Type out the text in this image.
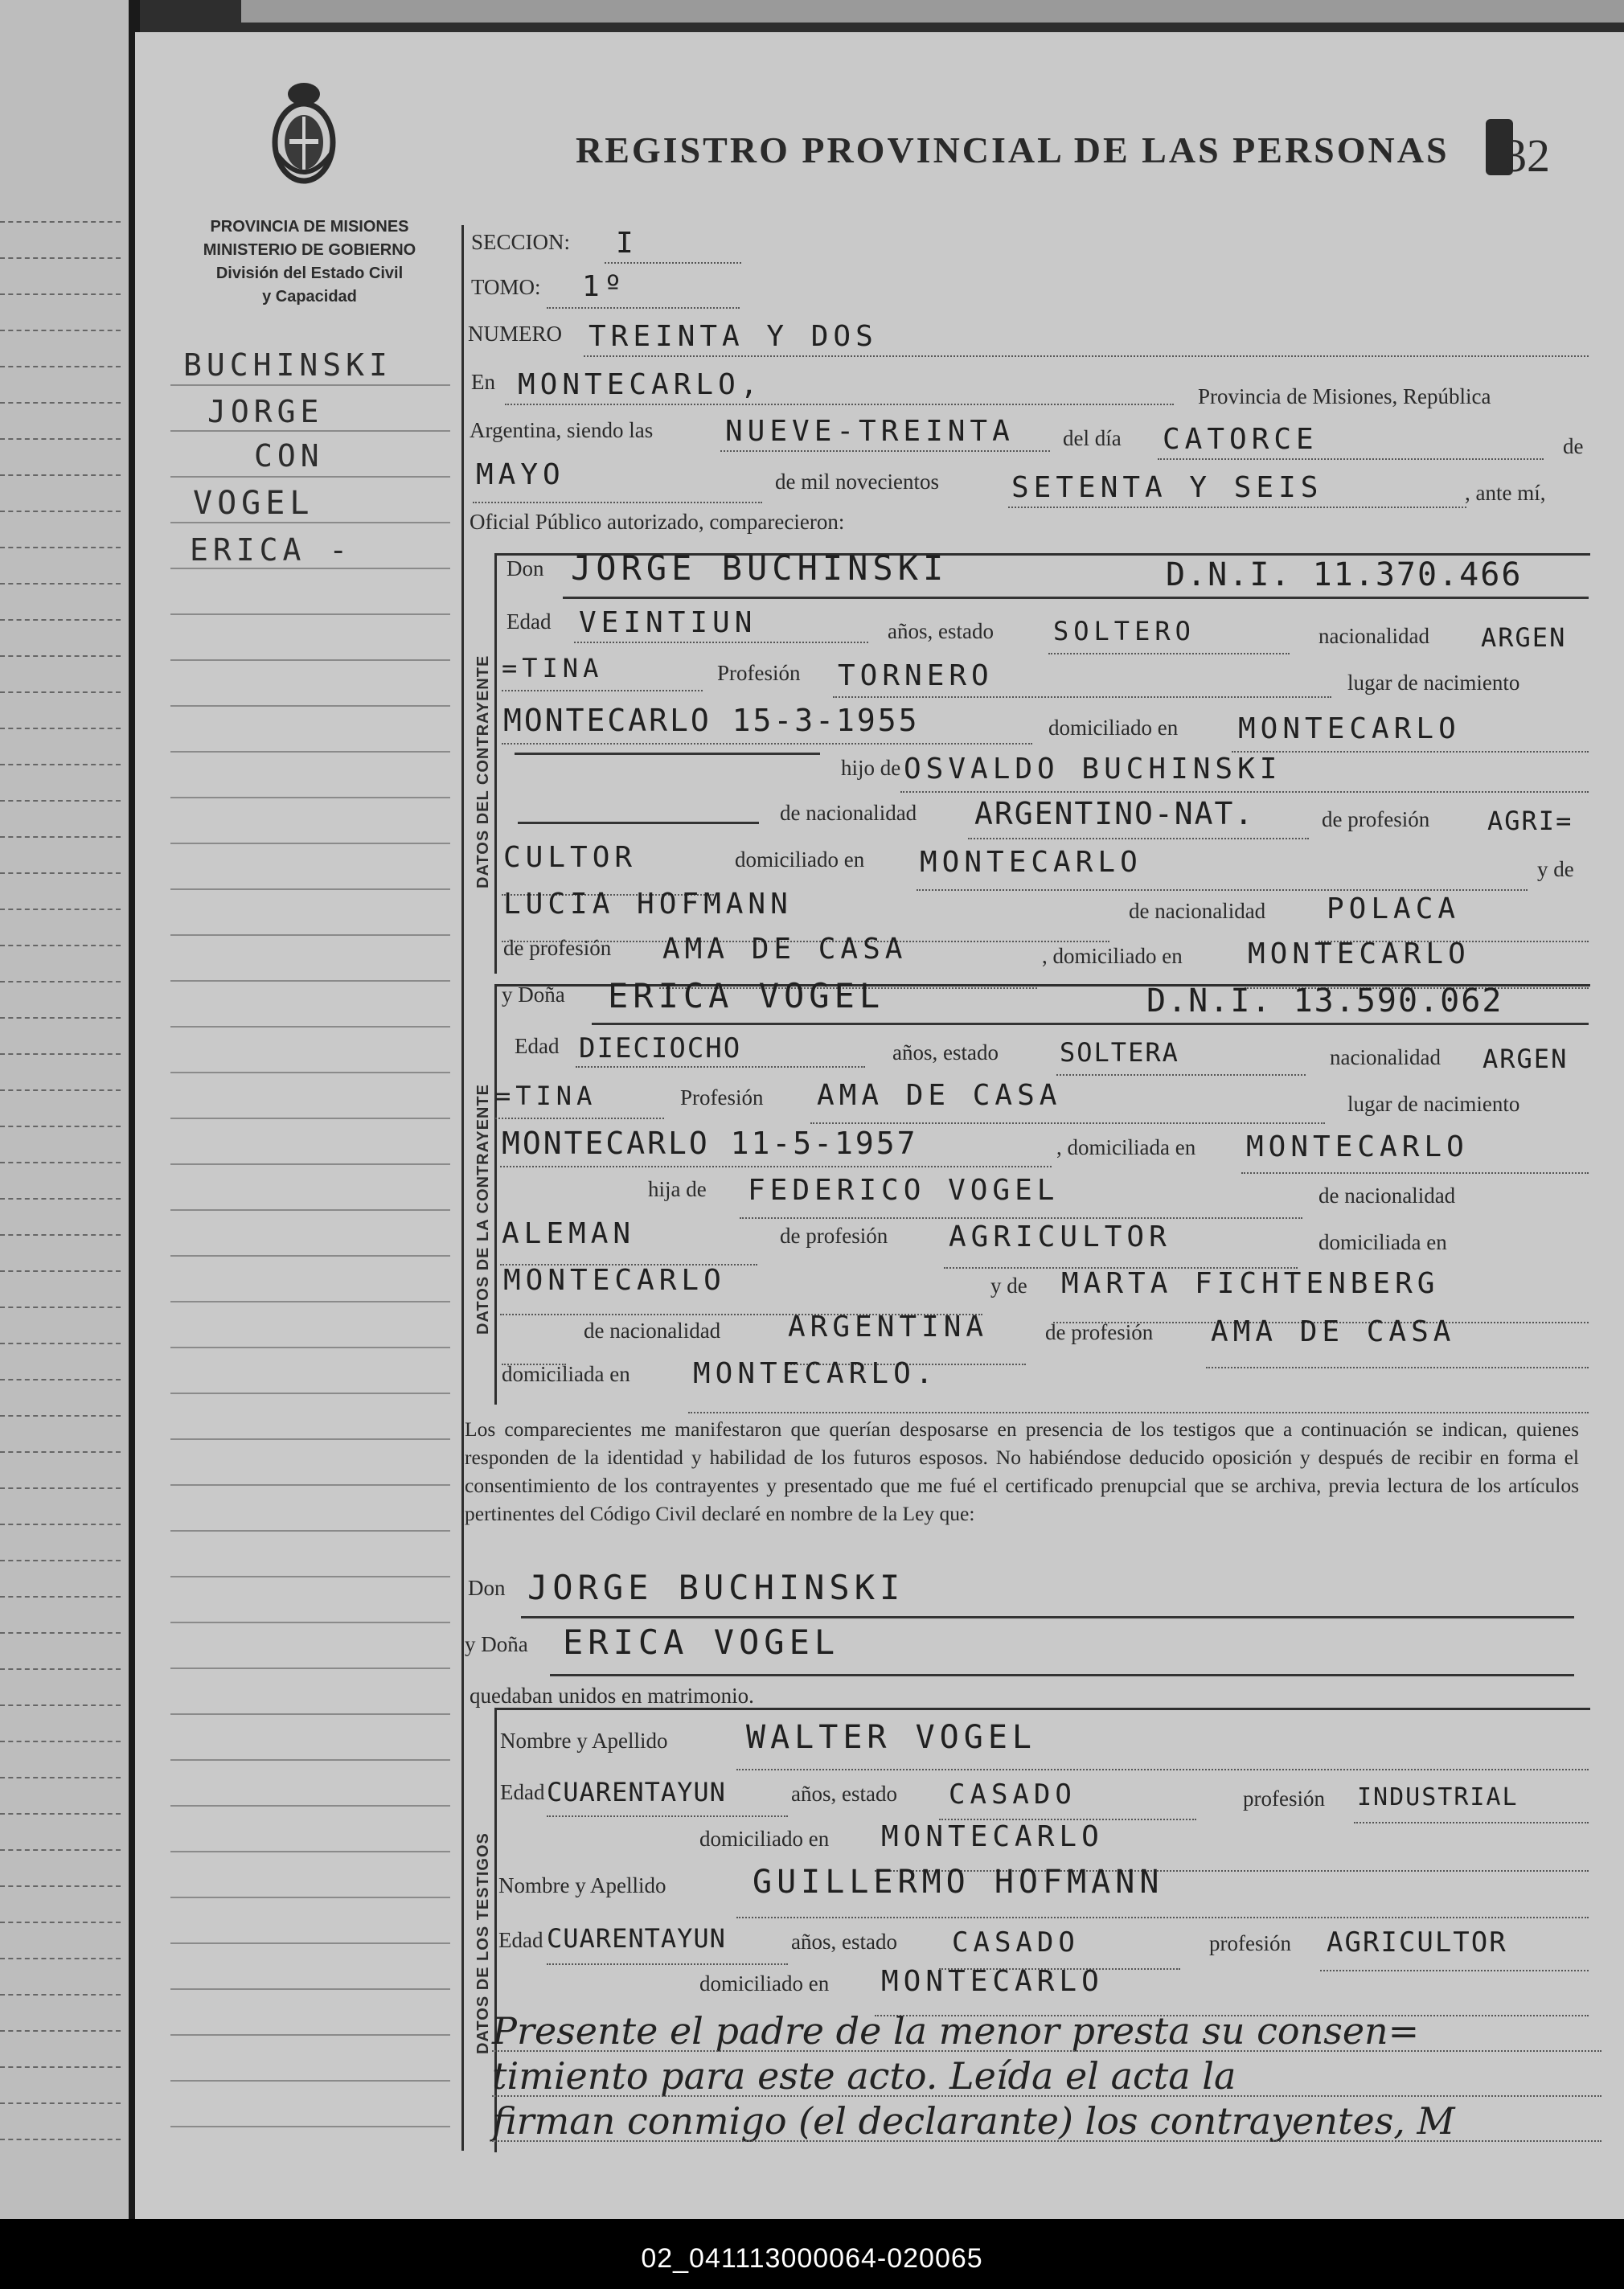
REGISTRO PROVINCIAL DE LAS PERSONAS 32
PROVINCIA DE MISIONES
MINISTERIO DE GOBIERNO
División del Estado Civil
y Capacidad
BUCHINSKI
JORGE
CON
VOGEL
ERICA -
DATOS DEL CONTRAYENTE
DATOS DE LA CONTRAYENTE
DATOS DE LOS TESTIGOS
SECCION: I
TOMO: 1º
NUMERO TREINTA Y DOS
En MONTECARLO,	Provincia de Misiones, República
Argentina, siendo las NUEVE-TREINTA del día CATORCE	de
MAYO	de mil novecientos	SETENTA Y SEIS	, ante mí,
Oficial Público autorizado, comparecieron:
Don JORGE BUCHINSKI	D.N.I. 11.370.466
Edad VEINTIUN	años, estado SOLTERO	nacionalidad ARGEN
=TINA	Profesión TORNERO	lugar de nacimiento
MONTECARLO 15-3-1955	domiciliado en MONTECARLO
hijo de OSVALDO BUCHINSKI
de nacionalidad ARGENTINO-NAT.	de profesión AGRI=
CULTOR	domiciliado en MONTECARLO	y de
LUCIA HOFMANN	de nacionalidad POLACA
de profesión AMA DE CASA	, domiciliado en MONTECARLO
y Doña ERICA VOGEL	D.N.I. 13.590.062
Edad DIECIOCHO	años, estado SOLTERA	nacionalidad ARGEN
=TINA	Profesión AMA DE CASA	lugar de nacimiento
MONTECARLO 11-5-1957	, domiciliada en MONTECARLO
hija de FEDERICO VOGEL	de nacionalidad
ALEMAN	de profesión AGRICULTOR	domiciliada en
MONTECARLO	y de MARTA FICHTENBERG
de nacionalidad ARGENTINA	de profesión AMA DE CASA
domiciliada en MONTECARLO.
Los comparecientes me manifestaron que querían desposarse en presencia de los testigos que a continuación se indican, quienes responden de la identidad y habilidad de los futuros esposos. No habiéndose deducido oposición y después de recibir en forma el consentimiento de los contrayentes y presentado que me fué el certificado prenupcial que se archiva, previa lectura de los artículos pertinentes del Código Civil declaré en nombre de la Ley que:
Don JORGE BUCHINSKI
y Doña ERICA VOGEL
quedaban unidos en matrimonio.
Nombre y Apellido WALTER VOGEL
Edad CUARENTAYUN	años, estado CASADO	profesión INDUSTRIAL
domiciliado en MONTECARLO
Nombre y Apellido	GUILLERMO HOFMANN
Edad CUARENTAYUN	años, estado CASADO	profesión AGRICULTOR
domiciliado en MONTECARLO
Presente el padre de la menor presta su consen=
timiento para este acto. Leída el acta la
firman conmigo (el declarante) los contrayentes, M
02_041113000064-020065
